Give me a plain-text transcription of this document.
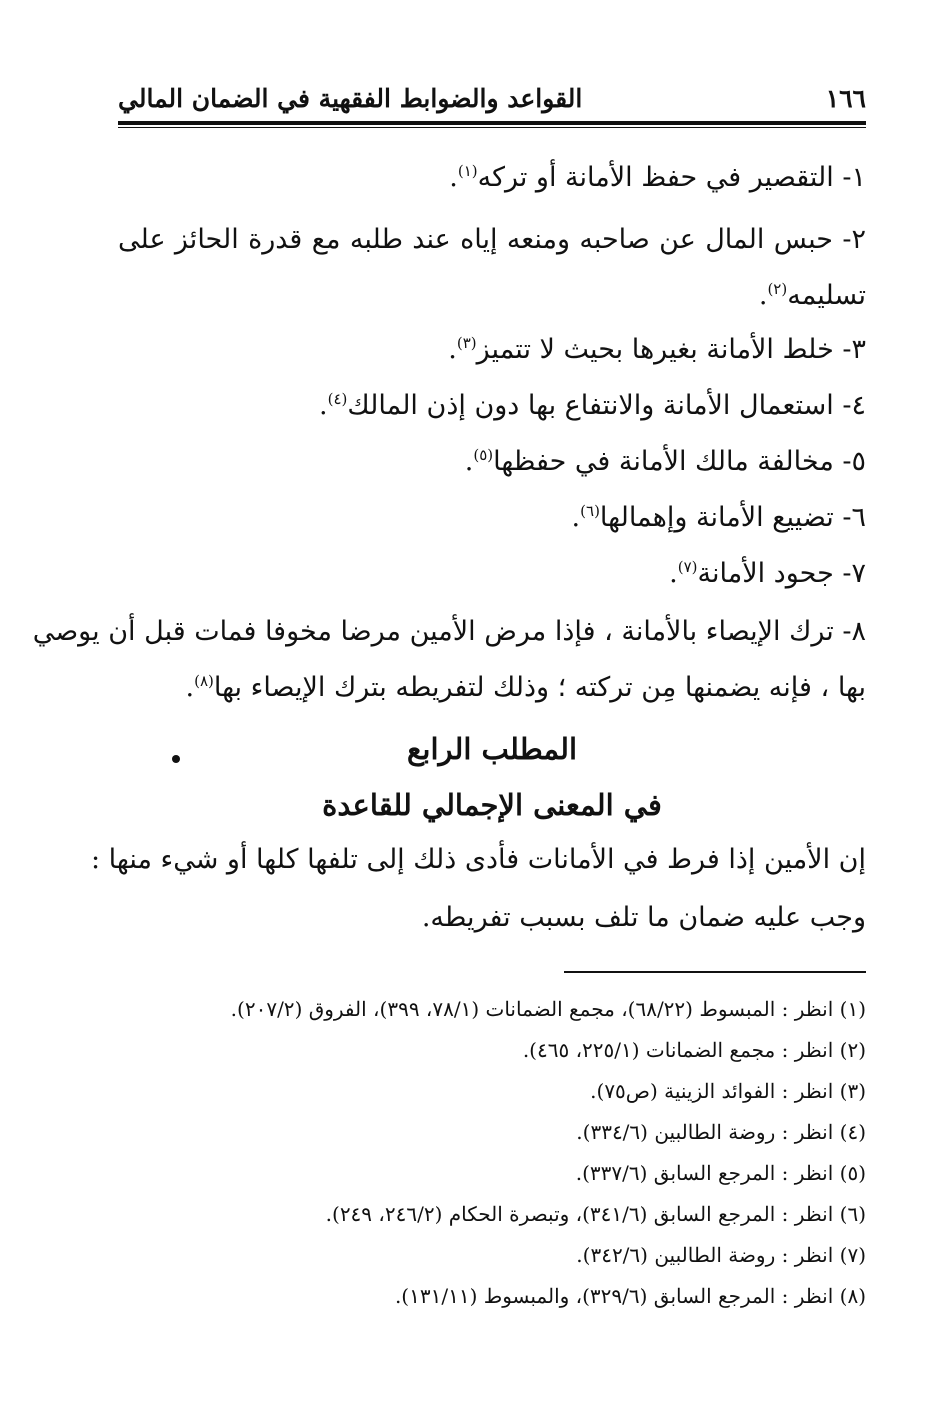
١٦٦
القواعد والضوابط الفقهية في الضمان المالي
١- التقصير في حفظ الأمانة أو تركه$^{(١)}$.
٢- حبس المال عن صاحبه ومنعه إياه عند طلبه مع قدرة الحائز على
تسليمه$^{(٢)}$.
٣- خلط الأمانة بغيرها بحيث لا تتميز$^{(٣)}$.
٤- استعمال الأمانة والانتفاع بها دون إذن المالك$^{(٤)}$.
٥- مخالفة مالك الأمانة في حفظها$^{(٥)}$.
٦- تضييع الأمانة وإهمالها$^{(٦)}$.
٧- جحود الأمانة$^{(٧)}$.
٨- ترك الإيصاء بالأمانة ، فإذا مرض الأمين مرضا مخوفا فمات قبل أن يوصي
بها ، فإنه يضمنها مِن تركته ؛ وذلك لتفريطه بترك الإيصاء بها$^{(٨)}$.
المطلب الرابع
في المعنى الإجمالي للقاعدة
إن الأمين إذا فرط في الأمانات فأدى ذلك إلى تلفها كلها أو شيء منها :
وجب عليه ضمان ما تلف بسبب تفريطه.
(١) انظر : المبسوط (٦٨/٢٢)، مجمع الضمانات (٧٨/١، ٣٩٩)، الفروق (٢٠٧/٢).
(٢) انظر : مجمع الضمانات (٢٢٥/١، ٤٦٥).
(٣) انظر : الفوائد الزينية (ص٧٥).
(٤) انظر : روضة الطالبين (٣٣٤/٦).
(٥) انظر : المرجع السابق (٣٣٧/٦).
(٦) انظر : المرجع السابق (٣٤١/٦)، وتبصرة الحكام (٢٤٦/٢، ٢٤٩).
(٧) انظر : روضة الطالبين (٣٤٢/٦).
(٨) انظر : المرجع السابق (٣٢٩/٦)، والمبسوط (١٣١/١١).
